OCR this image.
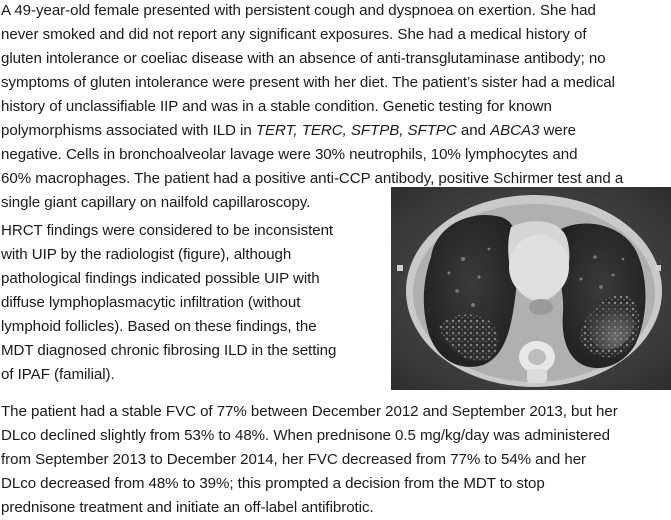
A 49-year-old female presented with persistent cough and dyspnoea on exertion. She had
never smoked and did not report any significant exposures. She had a medical history of
gluten intolerance or coeliac disease with an absence of anti-transglutaminase antibody; no
symptoms of gluten intolerance were present with her diet. The patient’s sister had a medical
history of unclassifiable IIP and was in a stable condition. Genetic testing for known
polymorphisms associated with ILD in TERT, TERC, SFTPB, SFTPC and ABCA3 were
negative. Cells in bronchoalveolar lavage were 30% neutrophils, 10% lymphocytes and
60% macrophages. The patient had a positive anti-CCP antibody, positive Schirmer test and a
single giant capillary on nailfold capillaroscopy.
HRCT findings were considered to be inconsistent
with UIP by the radiologist (figure), although
pathological findings indicated possible UIP with
diffuse lymphoplasmacytic infiltration (without
lymphoid follicles). Based on these findings, the
MDT diagnosed chronic fibrosing ILD in the setting
of IPAF (familial).
The patient had a stable FVC of 77% between December 2012 and September 2013, but her
DLco declined slightly from 53% to 48%. When prednisone 0.5 mg/kg/day was administered
from September 2013 to December 2014, her FVC decreased from 77% to 54% and her
DLco decreased from 48% to 39%; this prompted a decision from the MDT to stop
prednisone treatment and initiate an off-label antifibrotic.
